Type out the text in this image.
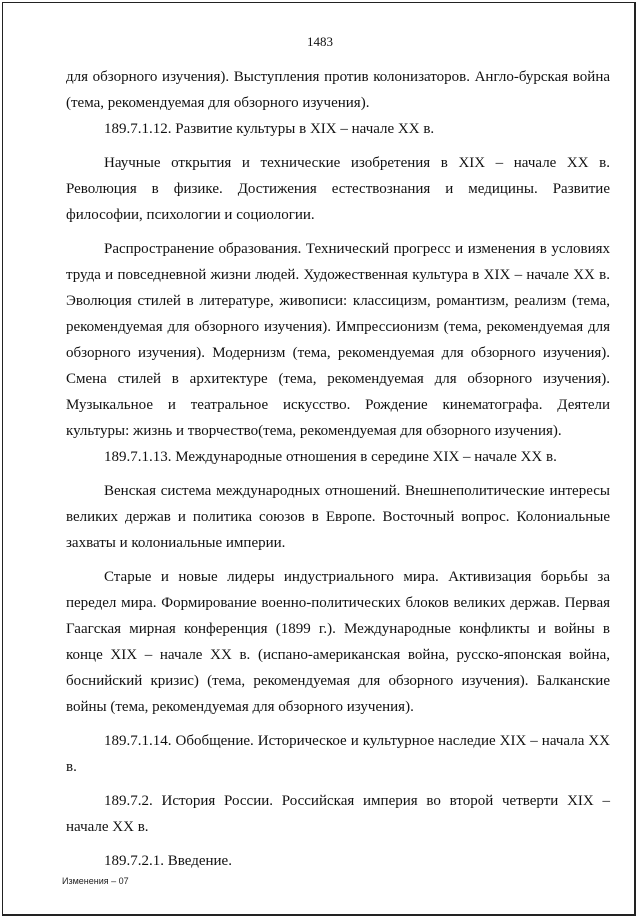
1483

для обзорного изучения). Выступления против колонизаторов. Англо-бурская война (тема, рекомендуемая для обзорного изучения).

189.7.1.12. Развитие культуры в XIX – начале XX в.

Научные открытия и технические изобретения в XIX – начале XX в. Революция в физике. Достижения естествознания и медицины. Развитие философии, психологии и социологии.

Распространение образования. Технический прогресс и изменения в условиях труда и повседневной жизни людей. Художественная культура в XIX – начале XX в. Эволюция стилей в литературе, живописи: классицизм, романтизм, реализм (тема, рекомендуемая для обзорного изучения). Импрессионизм (тема, рекомендуемая для обзорного изучения). Модернизм (тема, рекомендуемая для обзорного изучения). Смена стилей в архитектуре (тема, рекомендуемая для обзорного изучения). Музыкальное и театральное искусство. Рождение кинематографа. Деятели культуры: жизнь и творчество(тема, рекомендуемая для обзорного изучения).

189.7.1.13. Международные отношения в середине XIX – начале XX в.

Венская система международных отношений. Внешнеполитические интересы великих держав и политика союзов в Европе. Восточный вопрос. Колониальные захваты и колониальные империи.

Старые и новые лидеры индустриального мира. Активизация борьбы за передел мира. Формирование военно-политических блоков великих держав. Первая Гаагская мирная конференция (1899 г.). Международные конфликты и войны в конце XIX – начале XX в. (испано-американская война, русско-японская война, боснийский кризис) (тема, рекомендуемая для обзорного изучения). Балканские войны (тема, рекомендуемая для обзорного изучения).

189.7.1.14. Обобщение. Историческое и культурное наследие XIX – начала XX в.

189.7.2. История России. Российская империя во второй четверти XIX – начале XX в.

189.7.2.1. Введение.

Изменения – 07
